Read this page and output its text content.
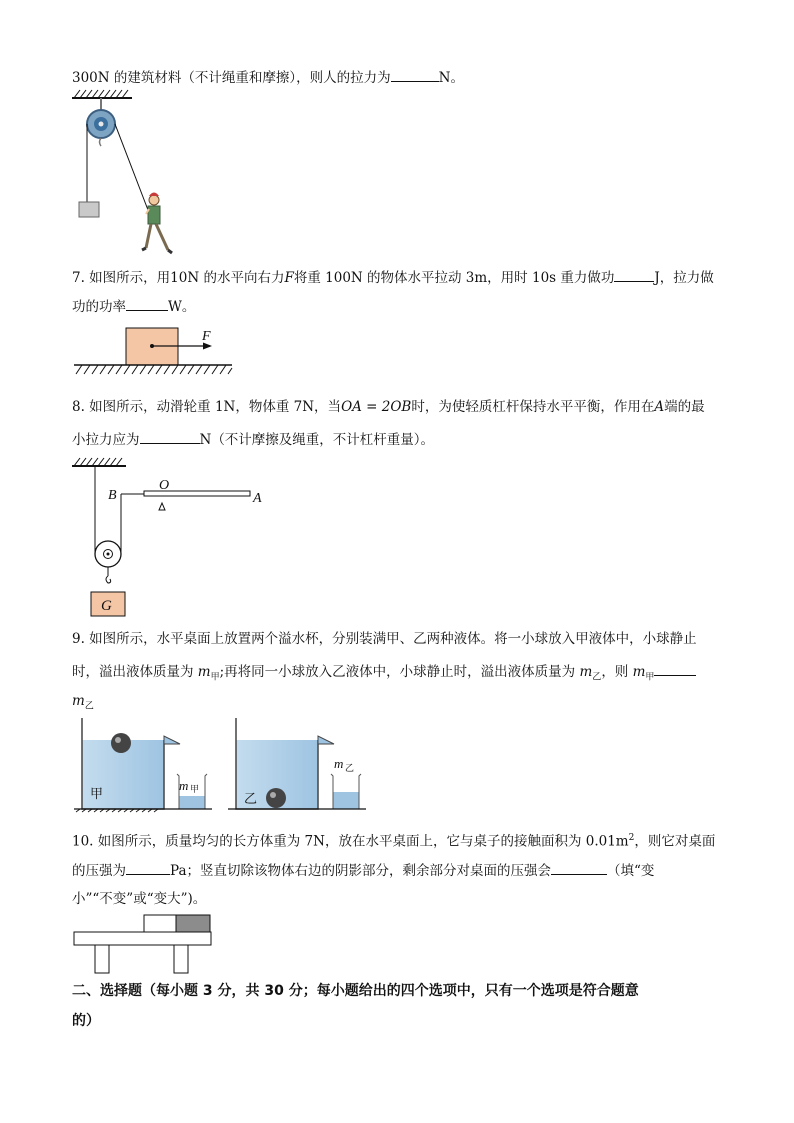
300N 的建筑材料（不计绳重和摩擦），则人的拉力为	N。
7. 如图所示，用10N 的水平向右力F将重 100N 的物体水平拉动 3m，用时 10s 重力做功	J，拉力做
功的功率	W。
F
8. 如图所示，动滑轮重 1N，物体重 7N，当OA = 2OB时，为使轻质杠杆保持水平平衡，作用在A端的最
小拉力应为	N（不计摩擦及绳重，不计杠杆重量）。
B
O
A
G
9. 如图所示，水平桌面上放置两个溢水杯，分别装满甲、乙两种液体。将一小球放入甲液体中，小球静止
时，溢出液体质量为 $m_甲$;再将同一小球放入乙液体中，小球静止时，溢出液体质量为 $m_乙$，则 $m_甲$
$m_乙$
甲
m 甲
乙
m 乙
10. 如图所示，质量均匀的长方体重为 7N，放在水平桌面上，它与桌子的接触面积为 $0.01m^2$，则它对桌面
的压强为	Pa；竖直切除该物体右边的阴影部分，剩余部分对桌面的压强会	（填“变
小”“不变”或“变大”)。
二、选择题（每小题 3 分，共 30 分；每小题给出的四个选项中，只有一个选项是符合题意
的）
